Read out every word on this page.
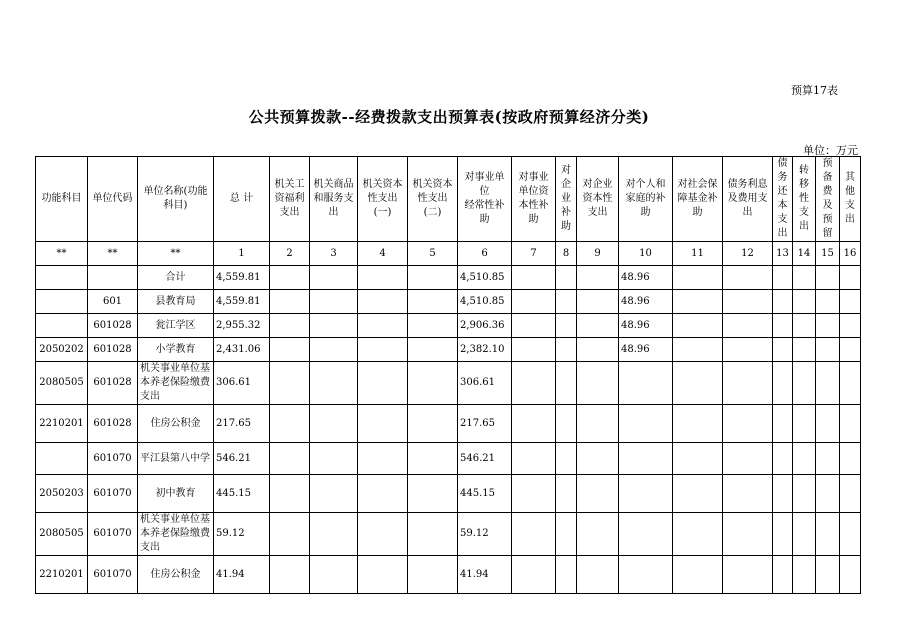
预算17表
公共预算拨款--经费拨款支出预算表(按政府预算经济分类)
单位：万元
功能科目	单位代码	单位名称(功能
科目)	总 计	机关工
资福利
支出	机关商品
和服务支
出	机关资本
性支出
(一)	机关资本
性支出
(二)	对事业单位
经常性补助	对事业
单位资
本性补
助	对企
业补
助	对企业
资本性
支出	对个人和
家庭的补
助	对社会保
障基金补
助	债务利息
及费用支
出	债务
还本
支出	转移
性支
出	预备
费及
预留	其他
支出

**	**	**	1	2	3	4	5	6	7	8	9	10	11	12	13	14	15	16
		合计	4,559.81					4,510.85				48.96						
	601	县教育局	4,559.81					4,510.85				48.96						
	601028	瓮江学区	2,955.32					2,906.36				48.96						
2050202	601028	小学教育	2,431.06					2,382.10				48.96						
2080505	601028	机关事业单位基本养老保险缴费支出	306.61					306.61										
2210201	601028	住房公积金	217.65					217.65										
	601070	平江县第八中学	546.21					546.21										
2050203	601070	初中教育	445.15					445.15										
2080505	601070	机关事业单位基本养老保险缴费支出	59.12					59.12										
2210201	601070	住房公积金	41.94					41.94										
